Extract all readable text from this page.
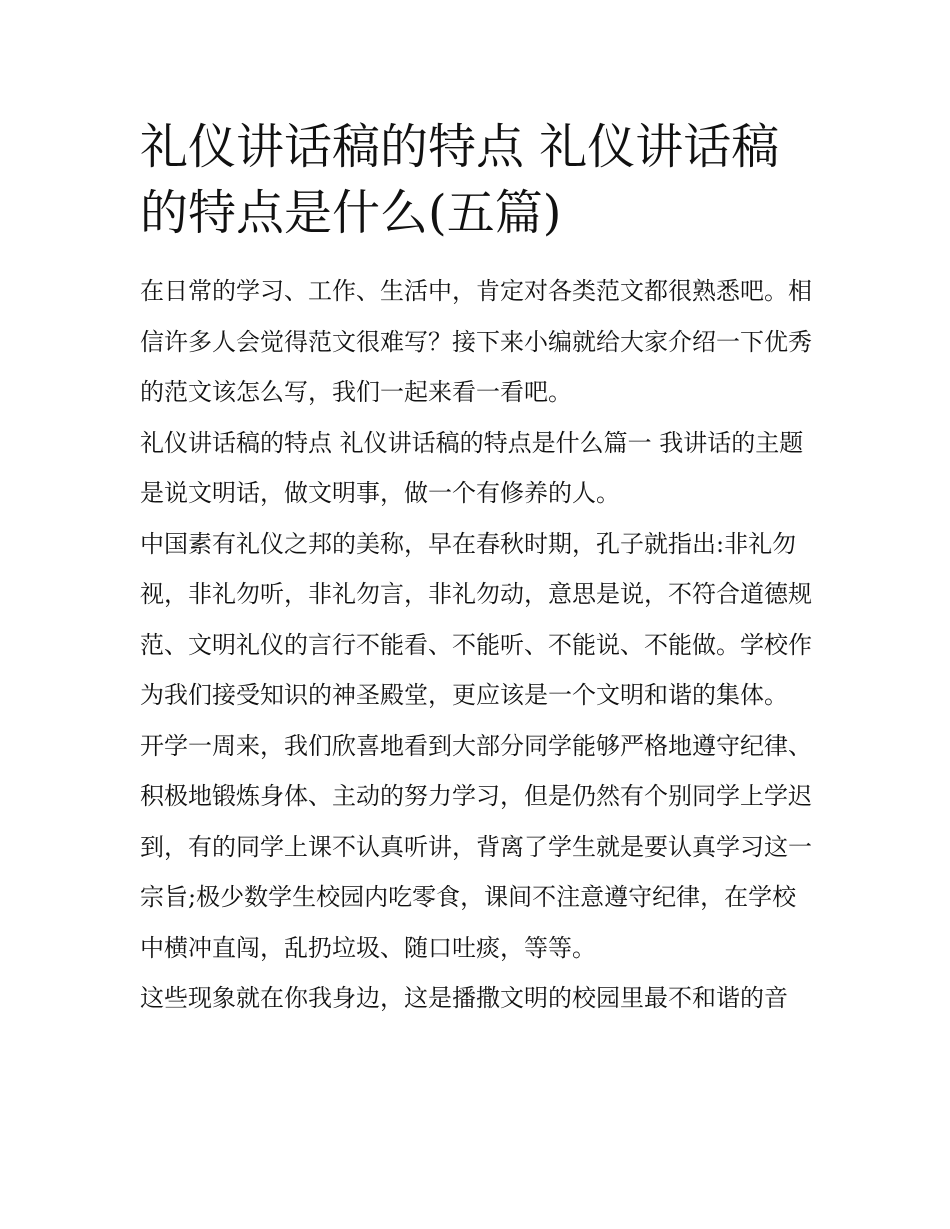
礼仪讲话稿的特点 礼仪讲话稿
的特点是什么(五篇)

在日常的学习、工作、生活中，肯定对各类范文都很熟悉吧。相信许多人会觉得范文很难写？接下来小编就给大家介绍一下优秀的范文该怎么写，我们一起来看一看吧。

礼仪讲话稿的特点 礼仪讲话稿的特点是什么篇一 我讲话的主题是说文明话，做文明事，做一个有修养的人。

中国素有礼仪之邦的美称，早在春秋时期，孔子就指出:非礼勿视，非礼勿听，非礼勿言，非礼勿动，意思是说，不符合道德规范、文明礼仪的言行不能看、不能听、不能说、不能做。学校作为我们接受知识的神圣殿堂，更应该是一个文明和谐的集体。

开学一周来，我们欣喜地看到大部分同学能够严格地遵守纪律、积极地锻炼身体、主动的努力学习，但是仍然有个别同学上学迟到，有的同学上课不认真听讲，背离了学生就是要认真学习这一宗旨;极少数学生校园内吃零食，课间不注意遵守纪律，在学校中横冲直闯，乱扔垃圾、随口吐痰，等等。

这些现象就在你我身边，这是播撒文明的校园里最不和谐的音
